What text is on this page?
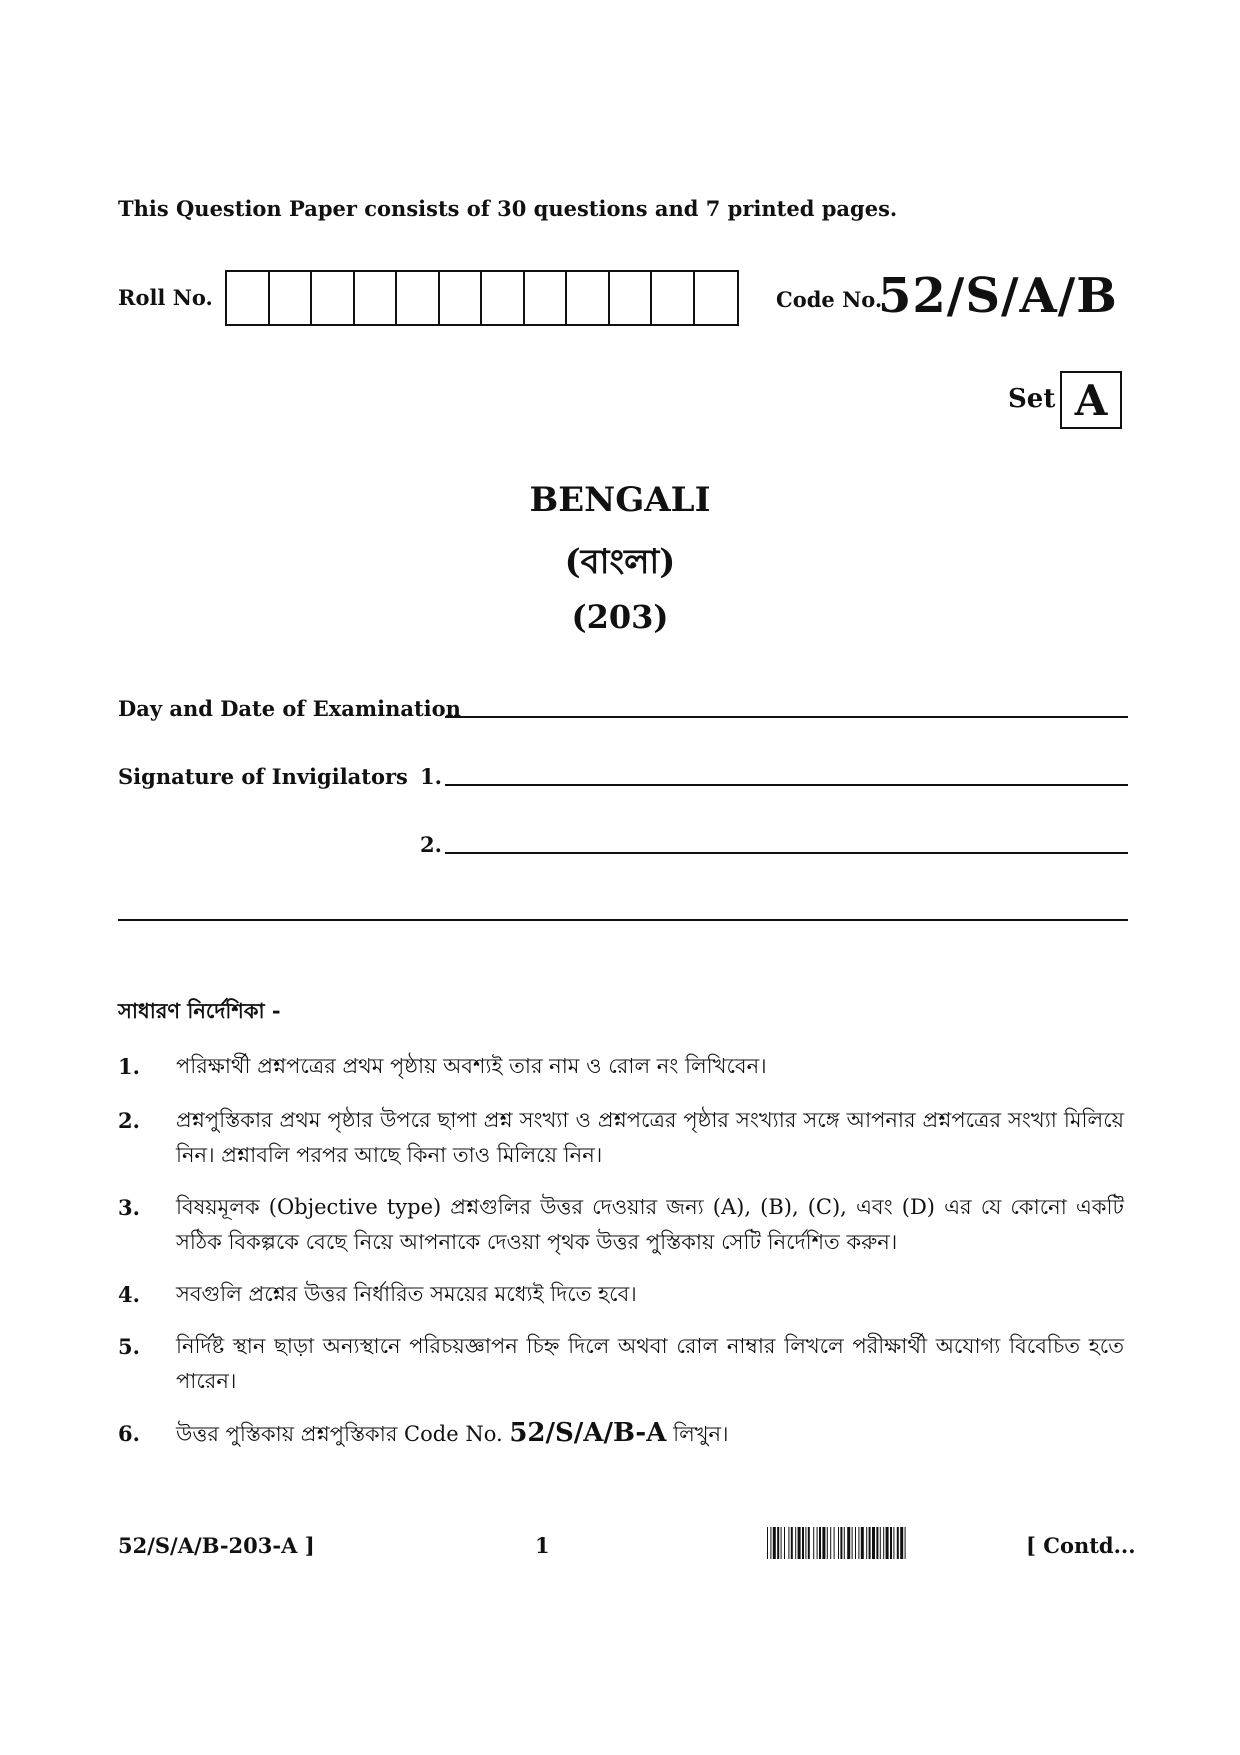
This Question Paper consists of 30 questions and 7 printed pages.
Roll No.	Code No.
52/S/A/B
Set A
BENGALI
(বাংলা)
(203)
Day and Date of Examination
Signature of Invigilators 1.
2.
সাধারণ নির্দেশিকা -
1. পরিক্ষার্থী প্রশ্নপত্রের প্রথম পৃষ্ঠায় অবশ্যই তার নাম ও রোল নং লিখিবেন।
2. প্রশ্নপুস্তিকার প্রথম পৃষ্ঠার উপরে ছাপা প্রশ্ন সংখ্যা ও প্রশ্নপত্রের পৃষ্ঠার সংখ্যার সঙ্গে আপনার প্রশ্নপত্রের সংখ্যা মিলিয়ে নিন। প্রশ্নাবলি পরপর আছে কিনা তাও মিলিয়ে নিন।
3. বিষয়মূলক (Objective type) প্রশ্নগুলির উত্তর দেওয়ার জন্য (A), (B), (C), এবং (D) এর যে কোনো একটি সঠিক বিকল্পকে বেছে নিয়ে আপনাকে দেওয়া পৃথক উত্তর পুস্তিকায় সেটি নির্দেশিত করুন।
4. সবগুলি প্রশ্নের উত্তর নির্ধারিত সময়ের মধ্যেই দিতে হবে।
5. নির্দিষ্ট স্থান ছাড়া অন্যস্থানে পরিচয়জ্ঞাপন চিহ্ন দিলে অথবা রোল নাম্বার লিখলে পরীক্ষার্থী অযোগ্য বিবেচিত হতে পারেন।
6. উত্তর পুস্তিকায় প্রশ্নপুস্তিকার Code No. 52/S/A/B-A লিখুন।
52/S/A/B-203-A ]	1	[ Contd...
